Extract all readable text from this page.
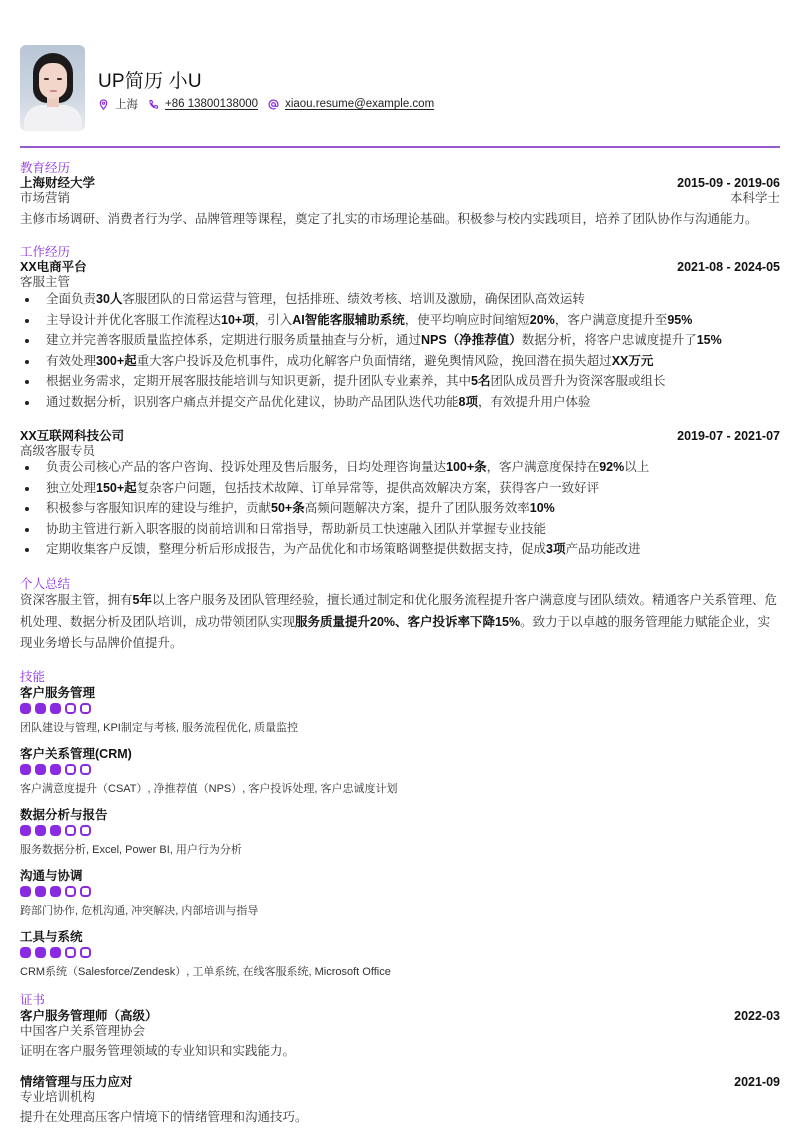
UP简历 小U
上海 +86 13800138000 xiaou.resume@example.com
教育经历
上海财经大学	2015-09 - 2019-06
市场营销	本科学士
主修市场调研、消费者行为学、品牌管理等课程，奠定了扎实的市场理论基础。积极参与校内实践项目，培养了团队协作与沟通能力。
工作经历
XX电商平台	2021-08 - 2024-05
客服主管
全面负责30人客服团队的日常运营与管理，包括排班、绩效考核、培训及激励，确保团队高效运转
主导设计并优化客服工作流程达10+项，引入AI智能客服辅助系统，使平均响应时间缩短20%，客户满意度提升至95%
建立并完善客服质量监控体系，定期进行服务质量抽查与分析，通过NPS（净推荐值）数据分析，将客户忠诚度提升了15%
有效处理300+起重大客户投诉及危机事件，成功化解客户负面情绪，避免舆情风险，挽回潜在损失超过XX万元
根据业务需求，定期开展客服技能培训与知识更新，提升团队专业素养，其中5名团队成员晋升为资深客服或组长
通过数据分析，识别客户痛点并提交产品优化建议，协助产品团队迭代功能8项，有效提升用户体验
XX互联网科技公司	2019-07 - 2021-07
高级客服专员
负责公司核心产品的客户咨询、投诉处理及售后服务，日均处理咨询量达100+条，客户满意度保持在92%以上
独立处理150+起复杂客户问题，包括技术故障、订单异常等，提供高效解决方案，获得客户一致好评
积极参与客服知识库的建设与维护，贡献50+条高频问题解决方案，提升了团队服务效率10%
协助主管进行新入职客服的岗前培训和日常指导，帮助新员工快速融入团队并掌握专业技能
定期收集客户反馈，整理分析后形成报告，为产品优化和市场策略调整提供数据支持，促成3项产品功能改进
个人总结
资深客服主管，拥有5年以上客户服务及团队管理经验，擅长通过制定和优化服务流程提升客户满意度与团队绩效。精通客户关系管理、危机处理、数据分析及团队培训，成功带领团队实现服务质量提升20%、客户投诉率下降15%。致力于以卓越的服务管理能力赋能企业，实现业务增长与品牌价值提升。
技能
客户服务管理
团队建设与管理, KPI制定与考核, 服务流程优化, 质量监控
客户关系管理(CRM)
客户满意度提升（CSAT）, 净推荐值（NPS）, 客户投诉处理, 客户忠诚度计划
数据分析与报告
服务数据分析, Excel, Power BI, 用户行为分析
沟通与协调
跨部门协作, 危机沟通, 冲突解决, 内部培训与指导
工具与系统
CRM系统（Salesforce/Zendesk）, 工单系统, 在线客服系统, Microsoft Office
证书
客户服务管理师（高级）	2022-03
中国客户关系管理协会
证明在客户服务管理领域的专业知识和实践能力。
情绪管理与压力应对	2021-09
专业培训机构
提升在处理高压客户情境下的情绪管理和沟通技巧。
